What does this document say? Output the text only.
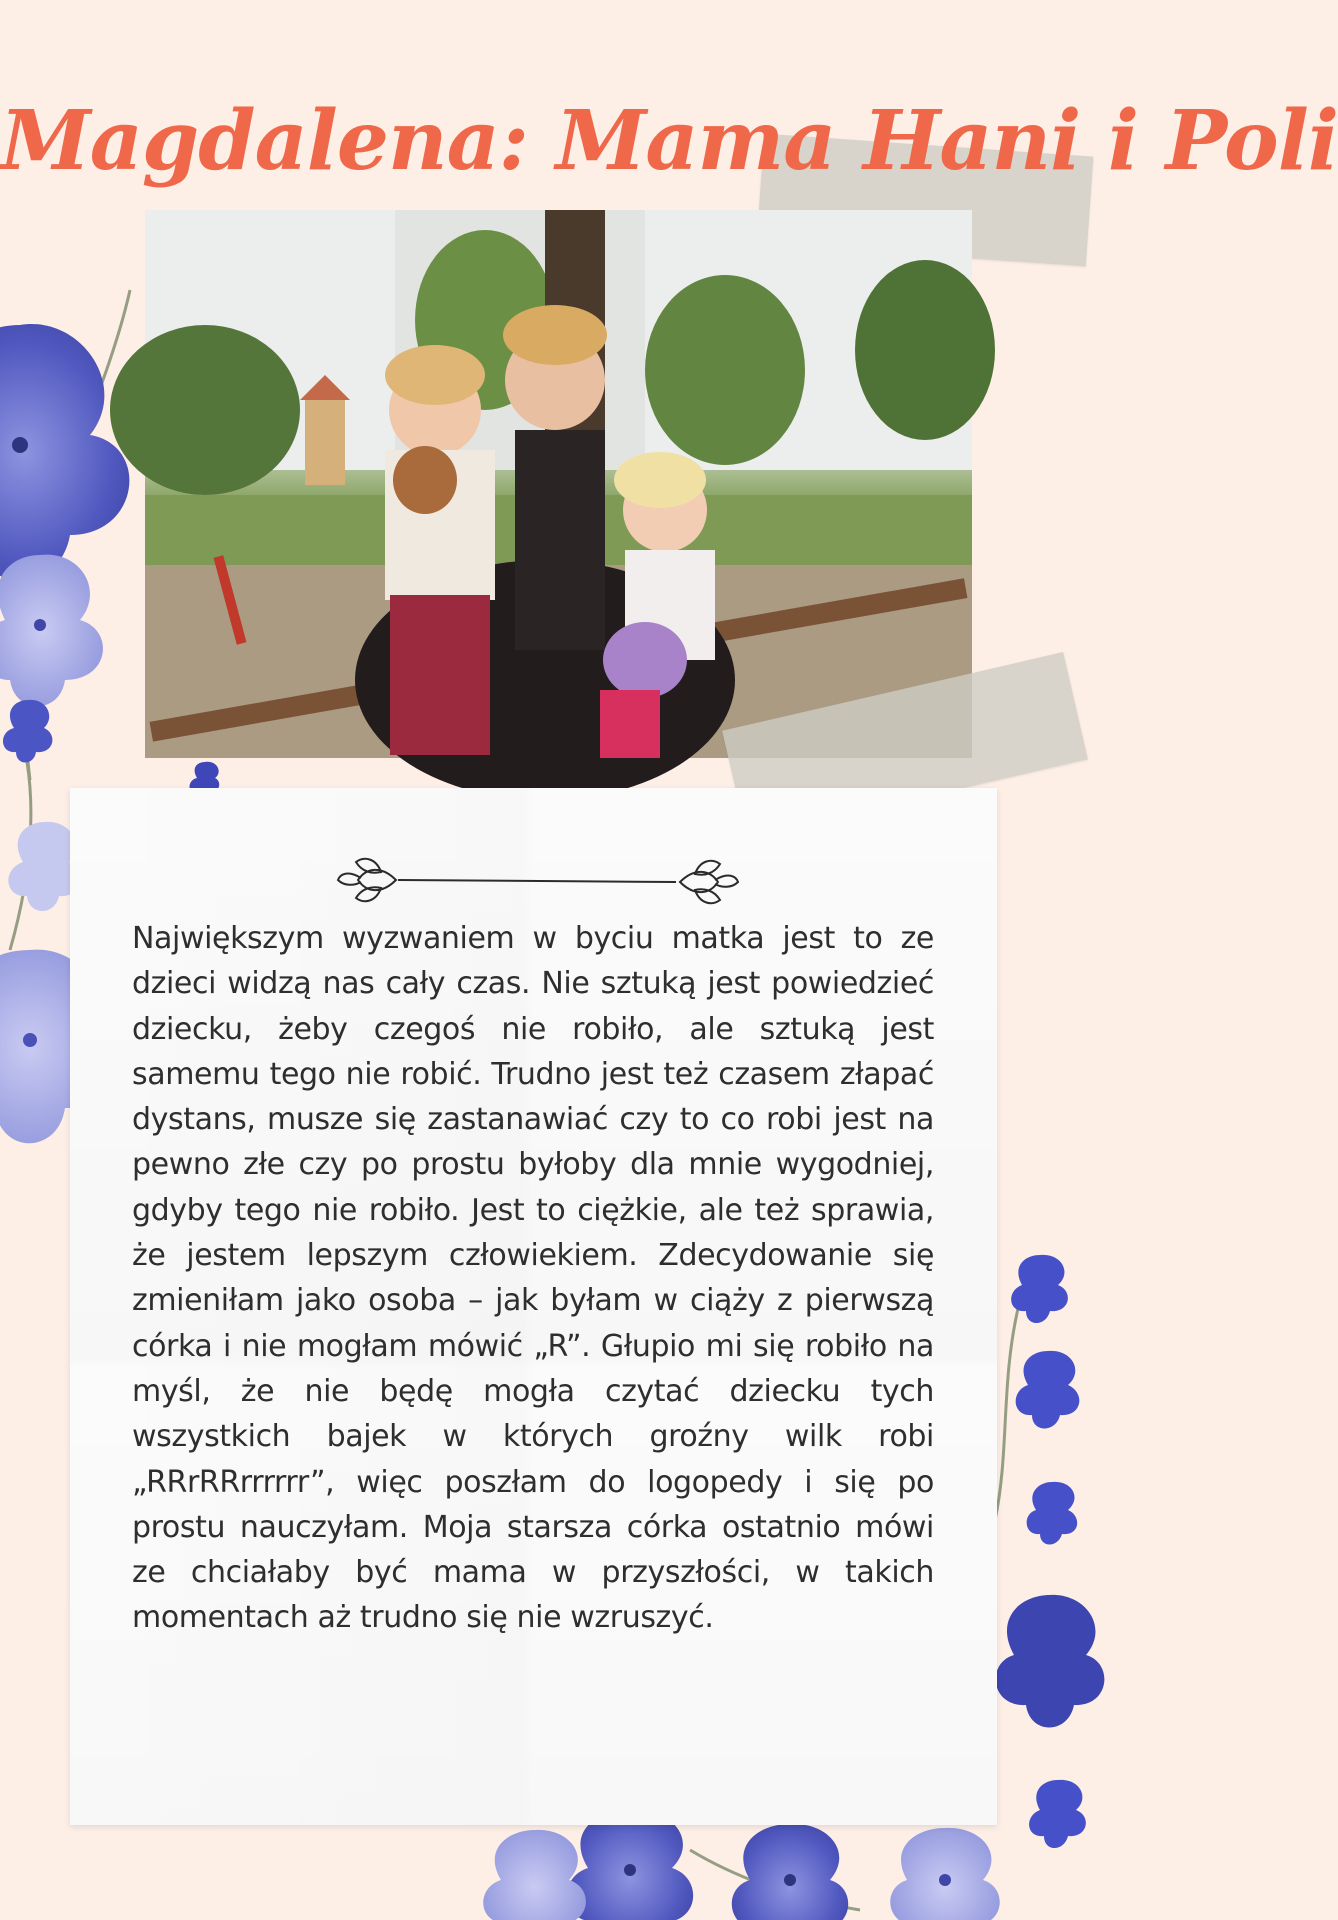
Magdalena: Mama Hani i Poli

Największym wyzwaniem w byciu matka jest to ze dzieci widzą nas cały czas. Nie sztuką jest powiedzieć dziecku, żeby czegoś nie robiło, ale sztuką jest samemu tego nie robić. Trudno jest też czasem złapać dystans, musze się zastanawiać czy to co robi jest na pewno złe czy po prostu byłoby dla mnie wygodniej, gdyby tego nie robiło. Jest to ciężkie, ale też sprawia, że jestem lepszym człowiekiem. Zdecydowanie się zmieniłam jako osoba – jak byłam w ciąży z pierwszą córka i nie mogłam mówić „R”. Głupio mi się robiło na myśl, że nie będę mogła czytać dziecku tych wszystkich bajek w których groźny wilk robi „RRrRRrrrrrr”, więc poszłam do logopedy i się po prostu nauczyłam. Moja starsza córka ostatnio mówi ze chciałaby być mama w przyszłości, w takich momentach aż trudno się nie wzruszyć.
